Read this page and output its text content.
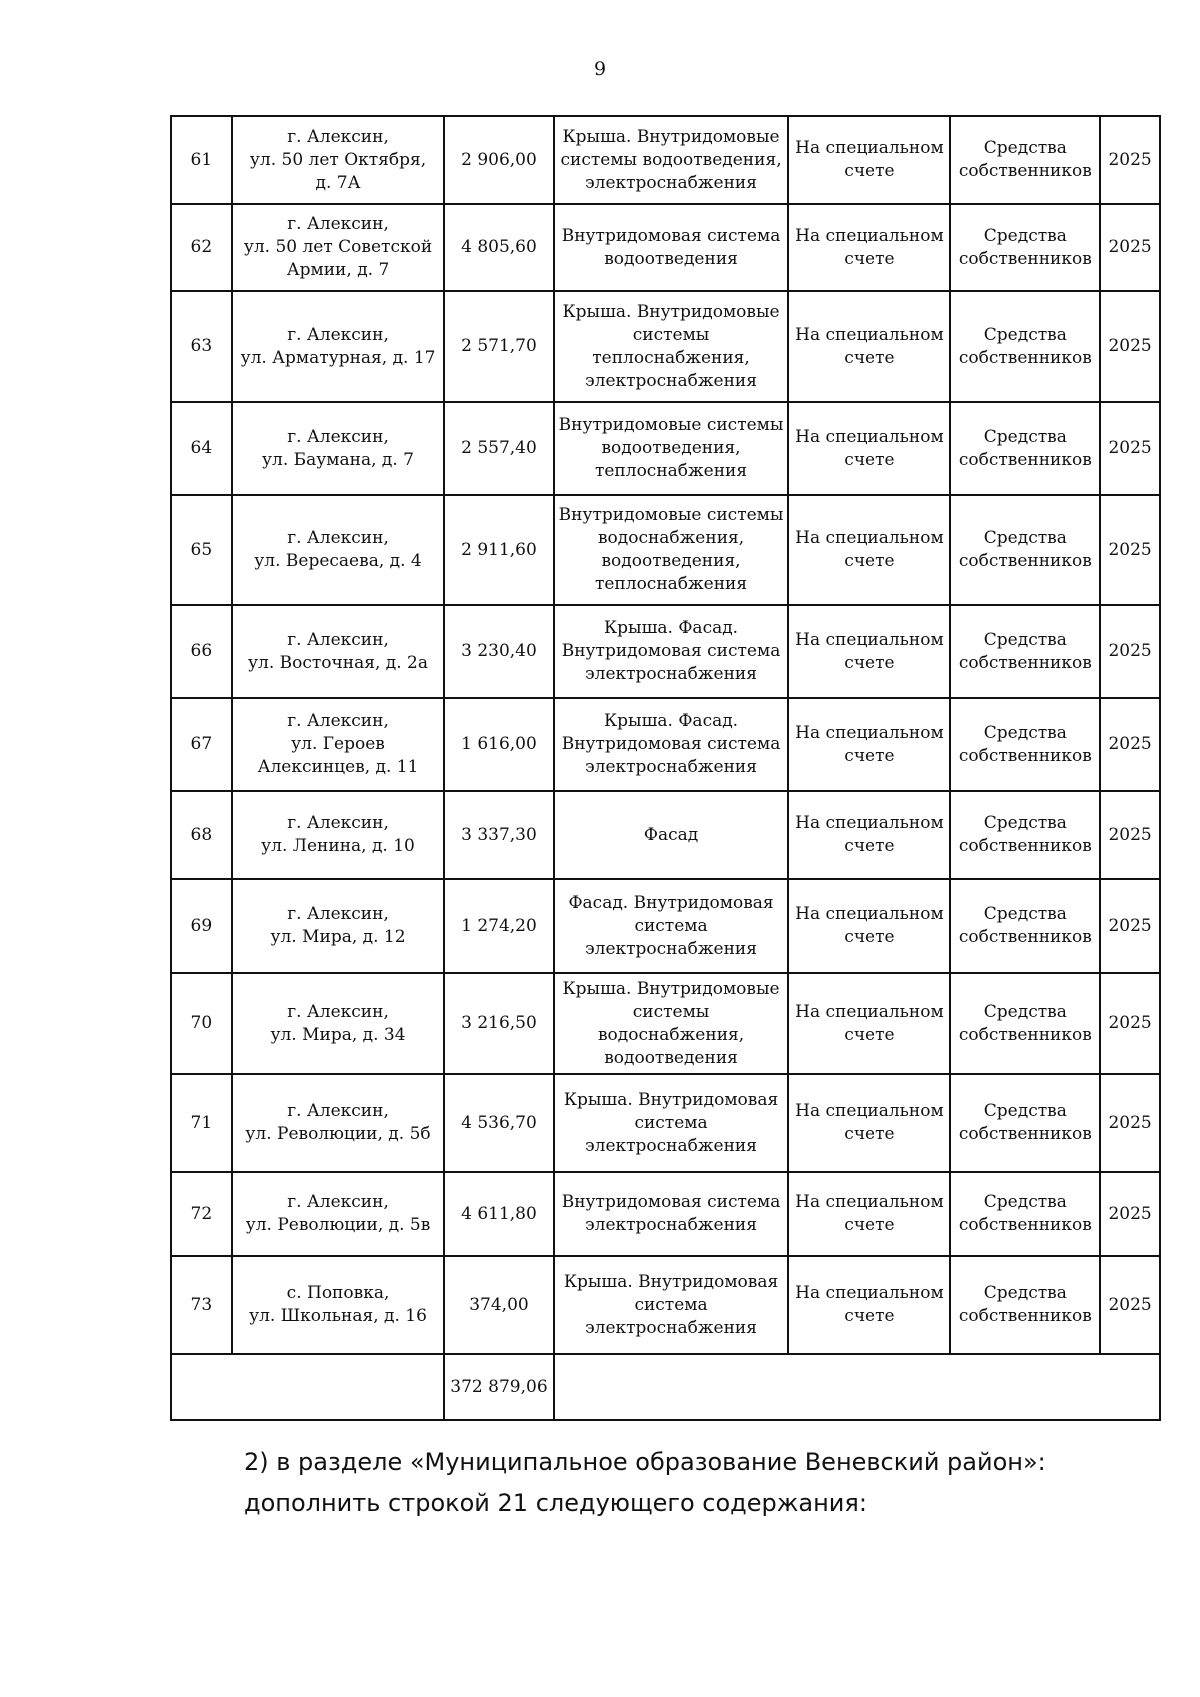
9
61	г. Алексин,
ул. 50 лет Октября,
д. 7А	2 906,00	Крыша. Внутридомовые
системы водоотведения,
электроснабжения	На специальном
счете	Средства
собственников	2025
62	г. Алексин,
ул. 50 лет Советской
Армии, д. 7	4 805,60	Внутридомовая система
водоотведения	На специальном
счете	Средства
собственников	2025
63	г. Алексин,
ул. Арматурная, д. 17	2 571,70	Крыша. Внутридомовые
системы
теплоснабжения,
электроснабжения	На специальном
счете	Средства
собственников	2025
64	г. Алексин,
ул. Баумана, д. 7	2 557,40	Внутридомовые системы
водоотведения,
теплоснабжения	На специальном
счете	Средства
собственников	2025
65	г. Алексин,
ул. Вересаева, д. 4	2 911,60	Внутридомовые системы
водоснабжения,
водоотведения,
теплоснабжения	На специальном
счете	Средства
собственников	2025
66	г. Алексин,
ул. Восточная, д. 2а	3 230,40	Крыша. Фасад.
Внутридомовая система
электроснабжения	На специальном
счете	Средства
собственников	2025
67	г. Алексин,
ул. Героев
Алексинцев, д. 11	1 616,00	Крыша. Фасад.
Внутридомовая система
электроснабжения	На специальном
счете	Средства
собственников	2025
68	г. Алексин,
ул. Ленина, д. 10	3 337,30	Фасад	На специальном
счете	Средства
собственников	2025
69	г. Алексин,
ул. Мира, д. 12	1 274,20	Фасад. Внутридомовая
система
электроснабжения	На специальном
счете	Средства
собственников	2025
70	г. Алексин,
ул. Мира, д. 34	3 216,50	Крыша. Внутридомовые
системы водоснабжения,
водоотведения	На специальном
счете	Средства
собственников	2025
71	г. Алексин,
ул. Революции, д. 5б	4 536,70	Крыша. Внутридомовая
система
электроснабжения	На специальном
счете	Средства
собственников	2025
72	г. Алексин,
ул. Революции, д. 5в	4 611,80	Внутридомовая система
электроснабжения	На специальном
счете	Средства
собственников	2025
73	с. Поповка,
ул. Школьная, д. 16	374,00	Крыша. Внутридомовая
система
электроснабжения	На специальном
счете	Средства
собственников	2025
		372 879,06				
2) в разделе «Муниципальное образование Веневский район»:
дополнить строкой 21 следующего содержания:
